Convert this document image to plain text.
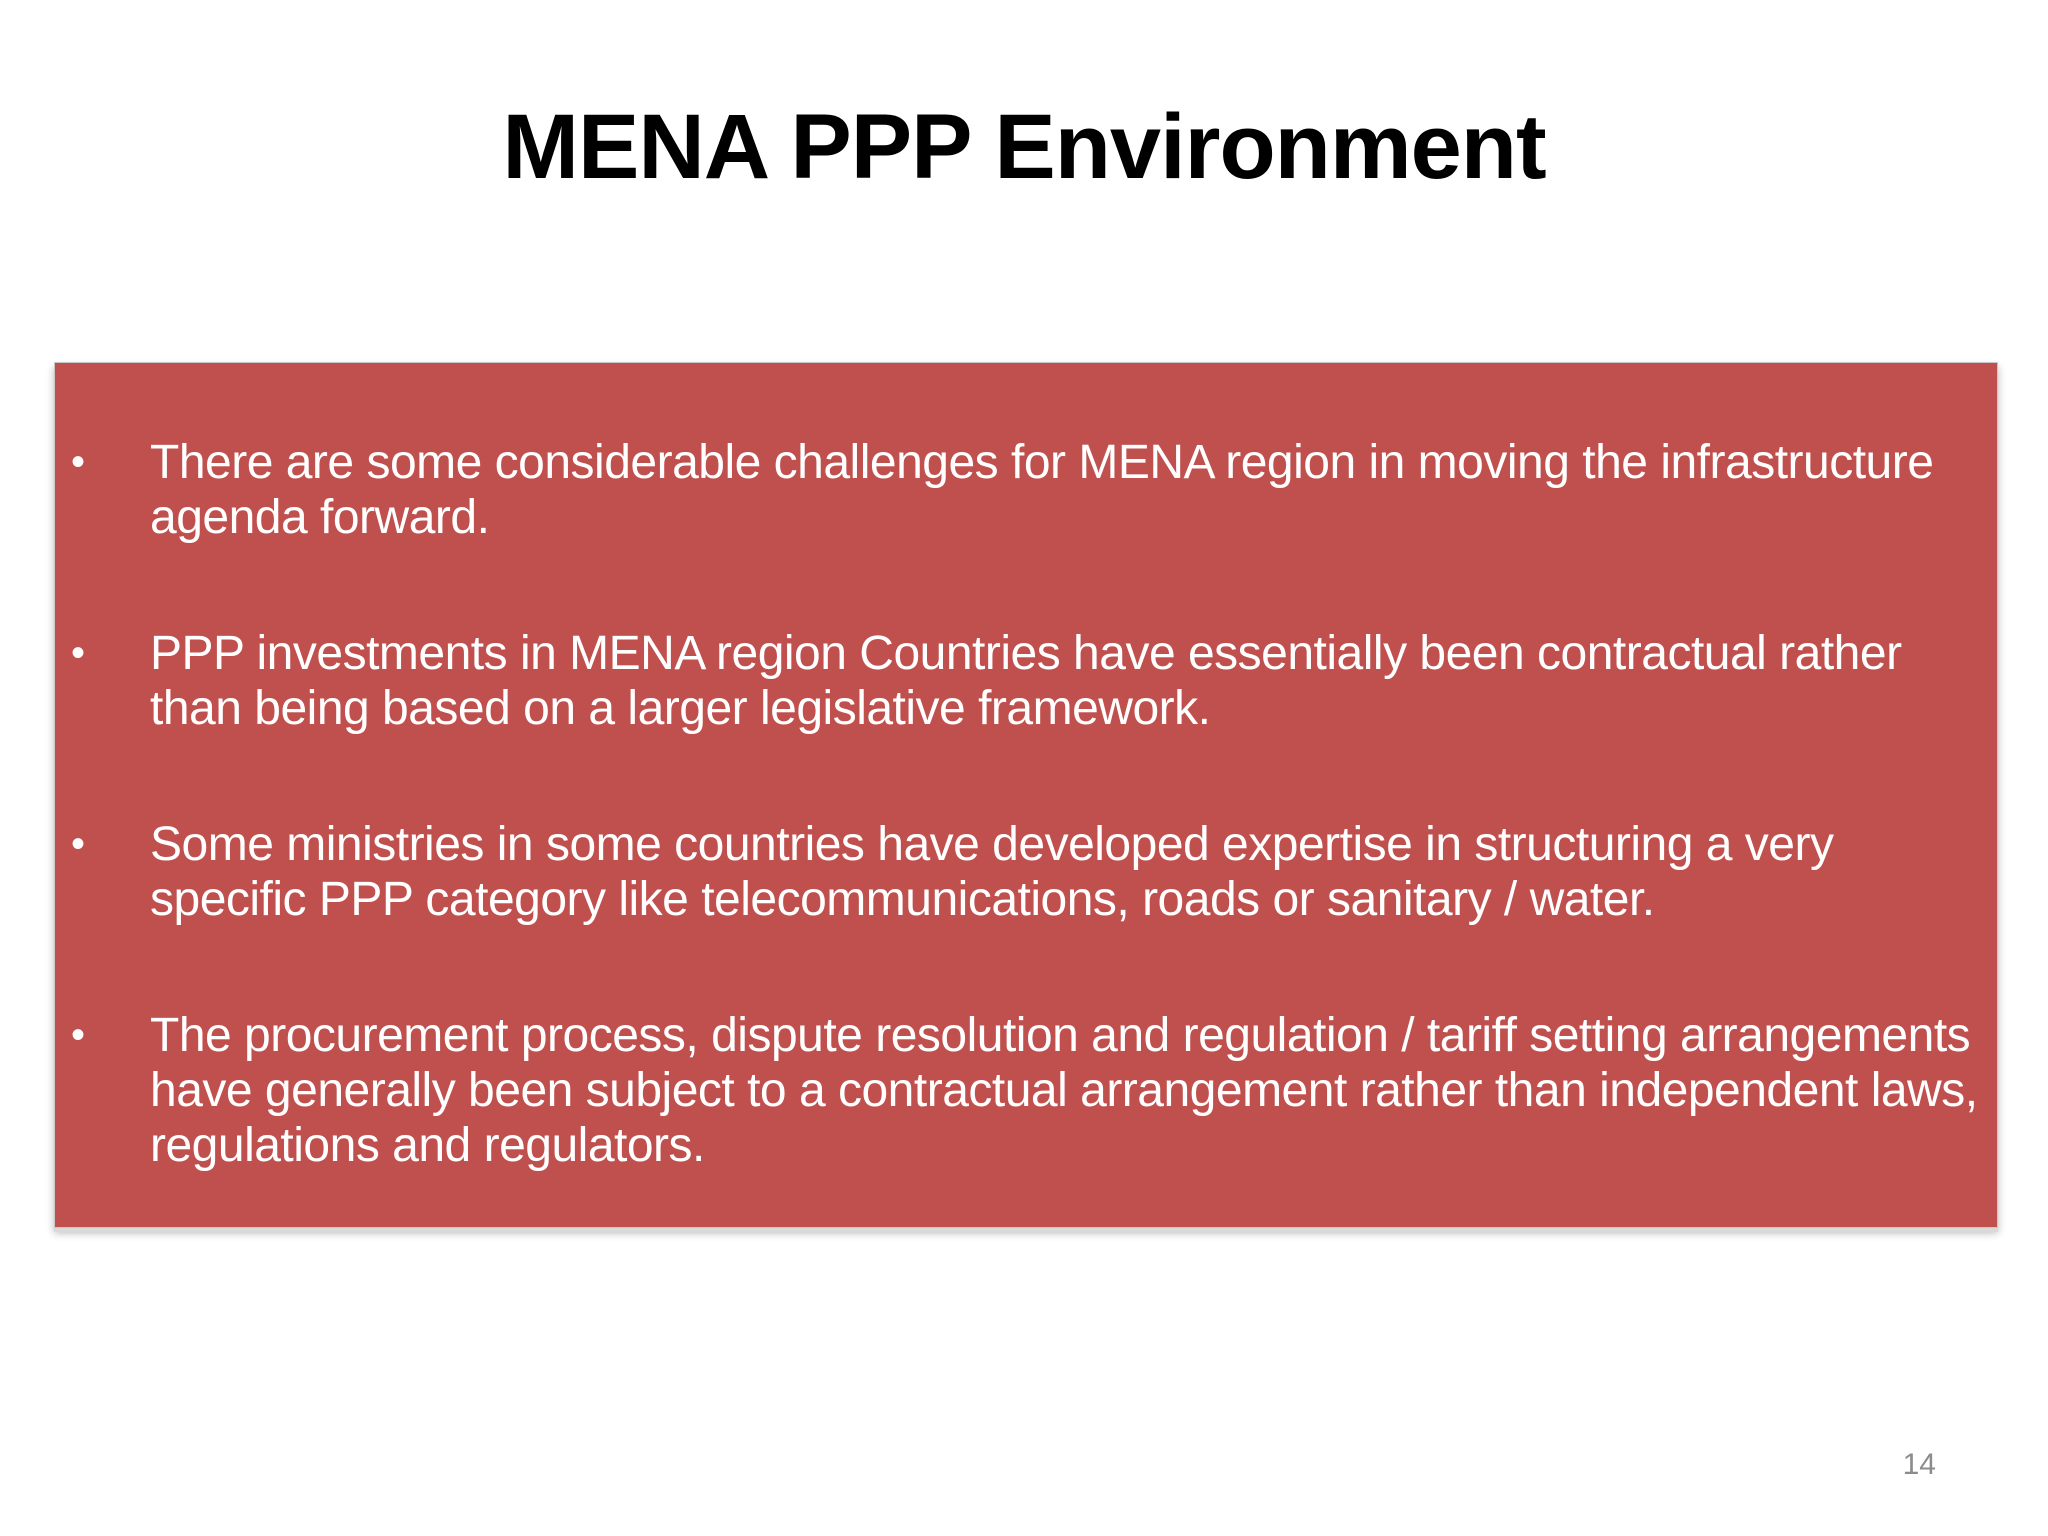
MENA PPP Environment
•	There are some considerable challenges for MENA region in moving the infrastructure agenda forward.
•	PPP investments in MENA region Countries have essentially been contractual rather than being based on a larger legislative framework.
•	Some ministries in some countries have developed expertise in structuring a very specific PPP category like telecommunications, roads or sanitary / water.
•	The procurement process, dispute resolution and regulation / tariff setting arrangements have generally been subject to a contractual arrangement rather than independent laws, regulations and regulators.
14
